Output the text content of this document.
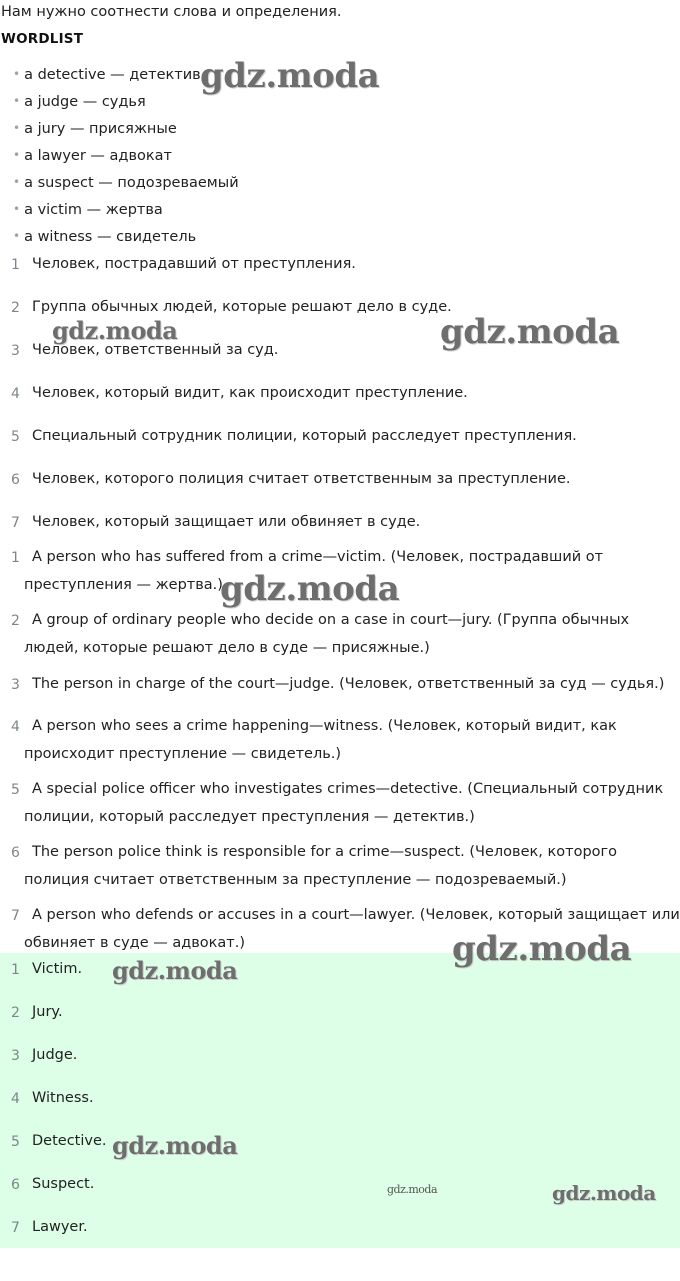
Нам нужно соотнести слова и определения.
WORDLIST
• a detective — детектив
• a judge — судья
• a jury — присяжные
• a lawyer — адвокат
• a suspect — подозреваемый
• a victim — жертва
• a witness — свидетель
1 Человек, пострадавший от преступления.
2 Группа обычных людей, которые решают дело в суде.
3 Человек, ответственный за суд.
4 Человек, который видит, как происходит преступление.
5 Специальный сотрудник полиции, который расследует преступления.
6 Человек, которого полиция считает ответственным за преступление.
7 Человек, который защищает или обвиняет в суде.
1 A person who has suffered from a crime—victim. (Человек, пострадавший от
преступления — жертва.)
2 A group of ordinary people who decide on a case in court—jury. (Группа обычных
людей, которые решают дело в суде — присяжные.)
3 The person in charge of the court—judge. (Человек, ответственный за суд — судья.)
4 A person who sees a crime happening—witness. (Человек, который видит, как
происходит преступление — свидетель.)
5 A special police officer who investigates crimes—detective. (Специальный сотрудник
полиции, который расследует преступления — детектив.)
6 The person police think is responsible for a crime—suspect. (Человек, которого
полиция считает ответственным за преступление — подозреваемый.)
7 A person who defends or accuses in a court—lawyer. (Человек, который защищает или
обвиняет в суде — адвокат.)
1 Victim.
2 Jury.
3 Judge.
4 Witness.
5 Detective.
6 Suspect.
7 Lawyer.
gdz.moda
gdz.moda	gdz.moda
gdz.moda
gdz.moda
gdz.moda
gdz.moda
gdz.moda	gdz.moda
